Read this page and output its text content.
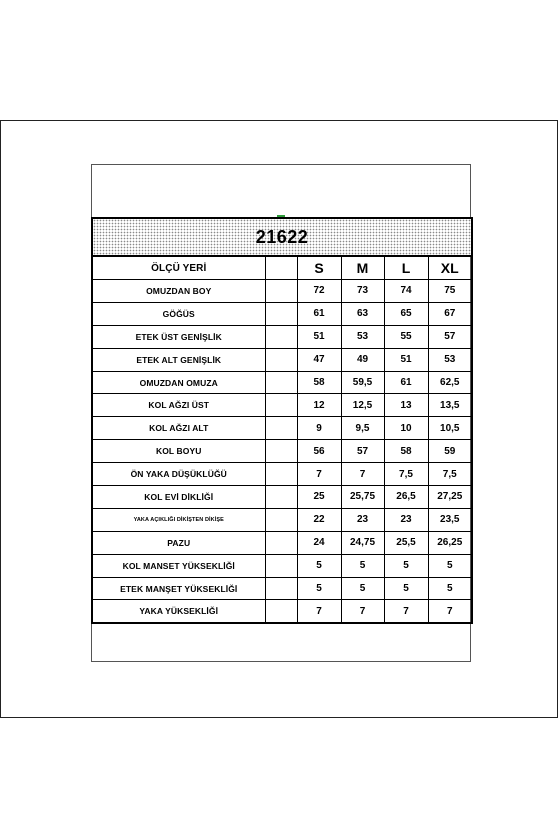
21622					
ÖLÇÜ YERİ		S	M	L	XL
OMUZDAN BOY		72	73	74	75
GÖĞÜS		61	63	65	67
ETEK ÜST GENİŞLİK		51	53	55	57
ETEK ALT GENİŞLİK		47	49	51	53
OMUZDAN OMUZA		58	59,5	61	62,5
KOL AĞZI ÜST		12	12,5	13	13,5
KOL AĞZI ALT		9	9,5	10	10,5
KOL BOYU		56	57	58	59
ÖN YAKA DÜŞÜKLÜĞÜ		7	7	7,5	7,5
KOL EVİ DİKLİĞİ		25	25,75	26,5	27,25
YAKA AÇIKLIĞI DİKİŞTEN DİKİŞE		22	23	23	23,5
PAZU		24	24,75	25,5	26,25
KOL MANSET YÜKSEKLİĞİ		5	5	5	5
ETEK MANŞET YÜKSEKLİĞİ		5	5	5	5
YAKA YÜKSEKLİĞİ		7	7	7	7
